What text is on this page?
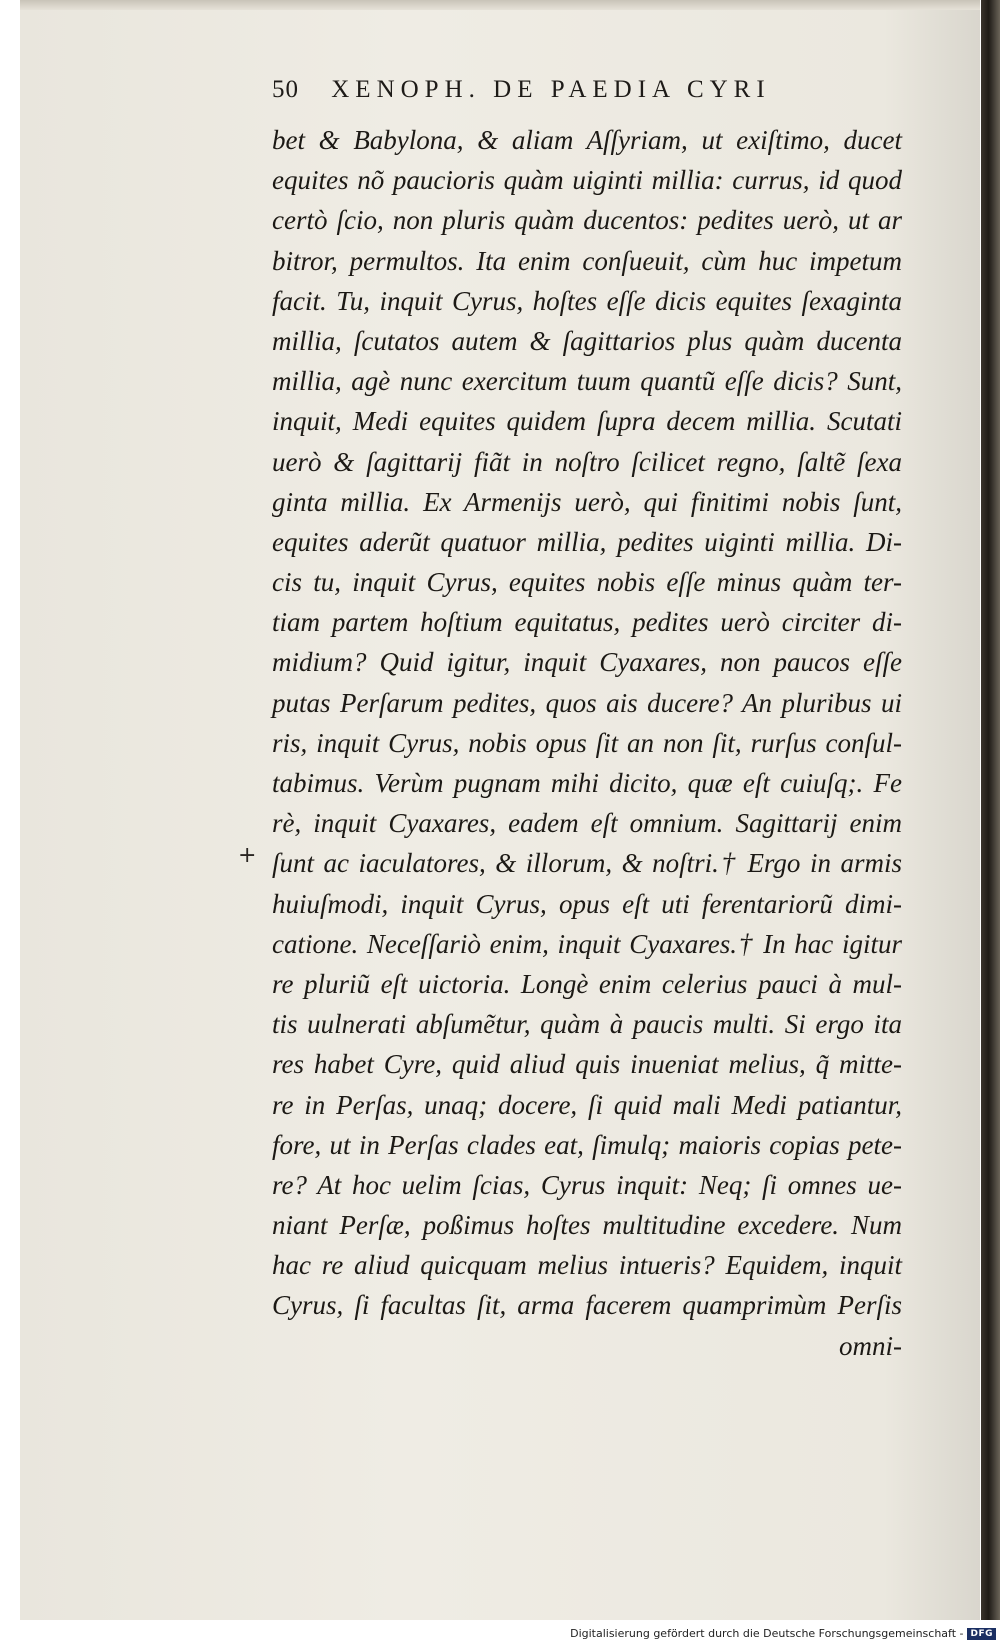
50 XENOPH. DE PAEDIA CYRI
bet & Babylona, & aliam Aſſyriam, ut exiſtimo, ducet
equites nõ paucioris quàm uiginti millia: currus, id quod
certò ſcio, non pluris quàm ducentos: pedites uerò, ut ar
bitror, permultos. Ita enim conſueuit, cùm huc impetum
facit. Tu, inquit Cyrus, hoſtes eſſe dicis equites ſexaginta
millia, ſcutatos autem & ſagittarios plus quàm ducenta
millia, agè nunc exercitum tuum quantũ eſſe dicis? Sunt,
inquit, Medi equites quidem ſupra decem millia. Scutati
uerò & ſagittarij fiãt in noſtro ſcilicet regno, ſaltẽ ſexa
ginta millia. Ex Armenijs uerò, qui finitimi nobis ſunt,
equites aderũt quatuor millia, pedites uiginti millia. Di-
cis tu, inquit Cyrus, equites nobis eſſe minus quàm ter-
tiam partem hoſtium equitatus, pedites uerò circiter di-
midium? Quid igitur, inquit Cyaxares, non paucos eſſe
putas Perſarum pedites, quos ais ducere? An pluribus ui
ris, inquit Cyrus, nobis opus ſit an non ſit, rurſus conſul-
tabimus. Verùm pugnam mihi dicito, quæ eſt cuiuſq;. Fe
rè, inquit Cyaxares, eadem eſt omnium. Sagittarij enim
ſunt ac iaculatores, & illorum, & noſtri.† Ergo in armis
huiuſmodi, inquit Cyrus, opus eſt uti ferentariorũ dimi-
catione. Neceſſariò enim, inquit Cyaxares.† In hac igitur
re pluriũ eſt uictoria. Longè enim celerius pauci à mul-
tis uulnerati abſumẽtur, quàm à paucis multi. Si ergo ita
res habet Cyre, quid aliud quis inueniat melius, q̃ mitte-
re in Perſas, unaq; docere, ſi quid mali Medi patiantur,
fore, ut in Perſas clades eat, ſimulq; maioris copias pete-
re? At hoc uelim ſcias, Cyrus inquit: Neq; ſi omnes ue-
niant Perſæ, poßimus hoſtes multitudine excedere. Num
hac re aliud quicquam melius intueris? Equidem, inquit
Cyrus, ſi facultas ſit, arma facerem quamprimùm Perſis
omni-
+
Digitalisierung gefördert durch die Deutsche Forschungsgemeinschaft - DFG
